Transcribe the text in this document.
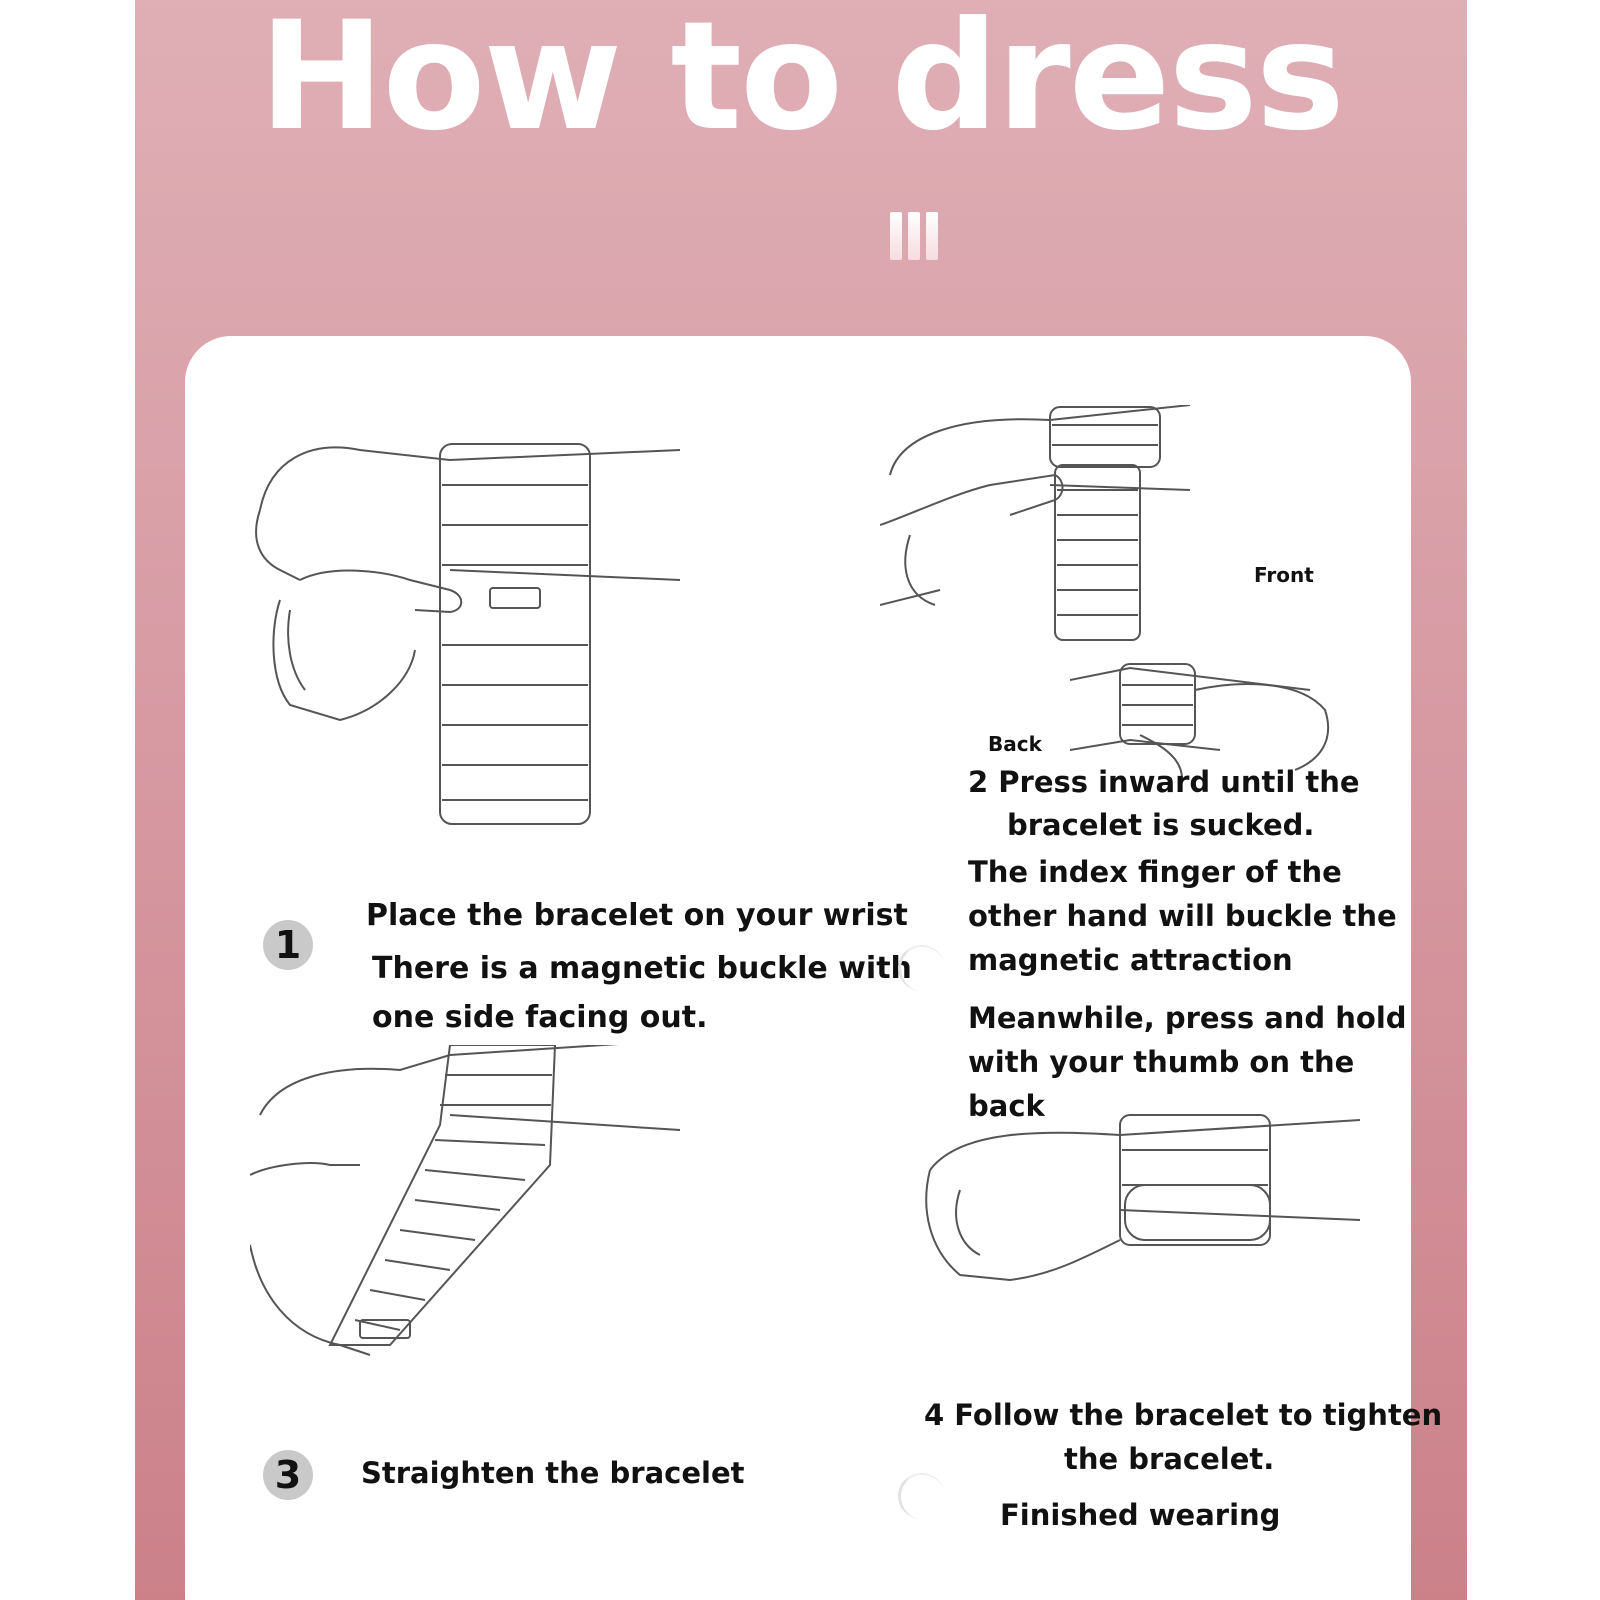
How to dress
1
Place the bracelet on your wrist
There is a magnetic buckle with
one side facing out.
Front
Back
2 Press inward until the
bracelet is sucked.
The index finger of the
other hand will buckle the
magnetic attraction
Meanwhile, press and hold
with your thumb on the
back
3	Straighten the bracelet
4 Follow the bracelet to tighten
the bracelet.
Finished wearing
